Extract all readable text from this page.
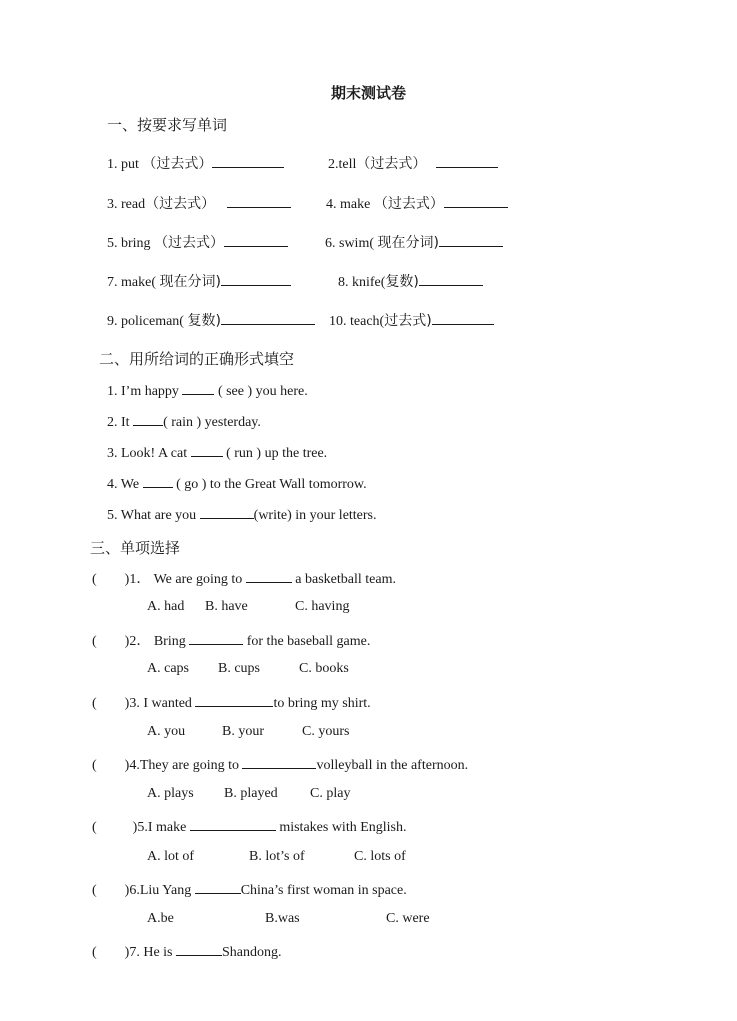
期末测试卷
一、按要求写单词
1. put （过去式）	2.tell（过去式）
3. read（过去式）	4. make （过去式）
5. bring （过去式）	6. swim( 现在分词)
7. make( 现在分词)	8. knife(复数)
9. policeman( 复数)	10. teach(过去式)
二、用所给词的正确形式填空
1. I’m happy	( see ) you here.
2. It ( rain ) yesterday.
3. Look! A cat	( run ) up the tree.
4. We	( go ) to the Great Wall tomorrow.
5. What are you	(write) in your letters.
三、单项选择
( )1． We are going to	a basketball team.
A. had B. have	C. having
( )2． Bring	for the baseball game.
A. caps B. cups	C. books
( )3. I wanted	to bring my shirt.
A. you	B. your	C. yours
( )4.They are going to	volleyball in the afternoon.
A. plays B. played C. play
(	)5.I make	mistakes with English.
A. lot of	B. lot’s of	C. lots of
( )6.Liu Yang	China’s first woman in space.
A.be	B.was	C. were
( )7. He is	Shandong.
